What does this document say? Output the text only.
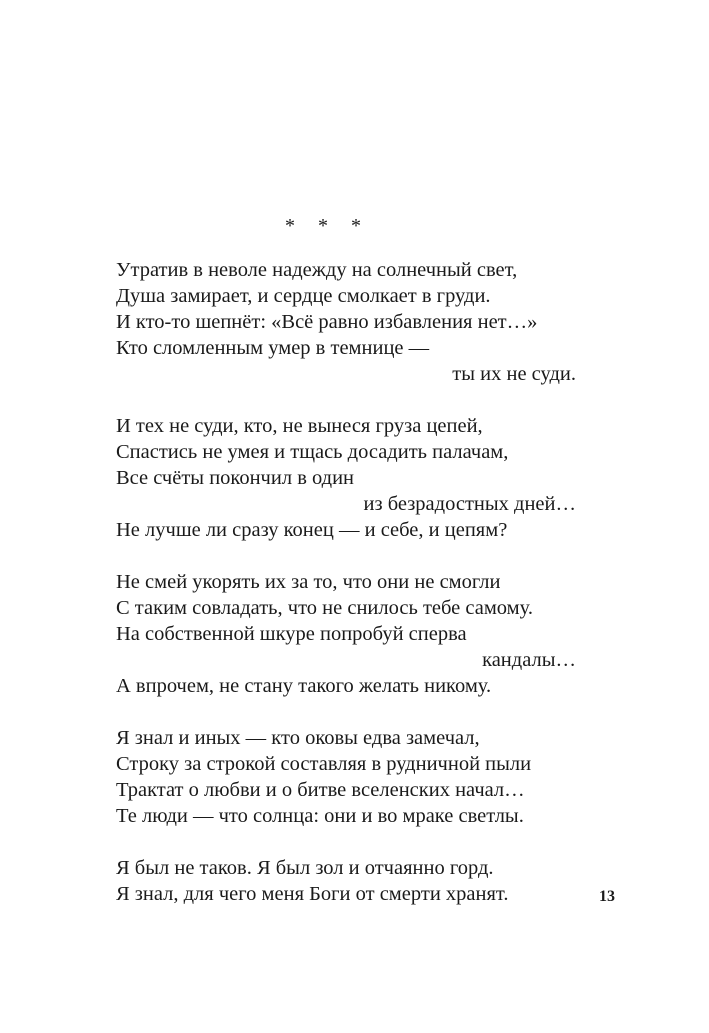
* * *
Утратив в неволе надежду на солнечный свет,
Душа замирает, и сердце смолкает в груди.
И кто-то шепнёт: «Всё равно избавления нет…»
Кто сломленным умер в темнице —
ты их не суди.
И тех не суди, кто, не вынеся груза цепей,
Спастись не умея и тщась досадить палачам,
Все счёты покончил в один
из безрадостных дней…
Не лучше ли сразу конец — и себе, и цепям?
Не смей укорять их за то, что они не смогли
С таким совладать, что не снилось тебе самому.
На собственной шкуре попробуй сперва
кандалы…
А впрочем, не стану такого желать никому.
Я знал и иных — кто оковы едва замечал,
Строку за строкой составляя в рудничной пыли
Трактат о любви и о битве вселенских начал…
Те люди — что солнца: они и во мраке светлы.
Я был не таков. Я был зол и отчаянно горд.
Я знал, для чего меня Боги от смерти хранят.	13
